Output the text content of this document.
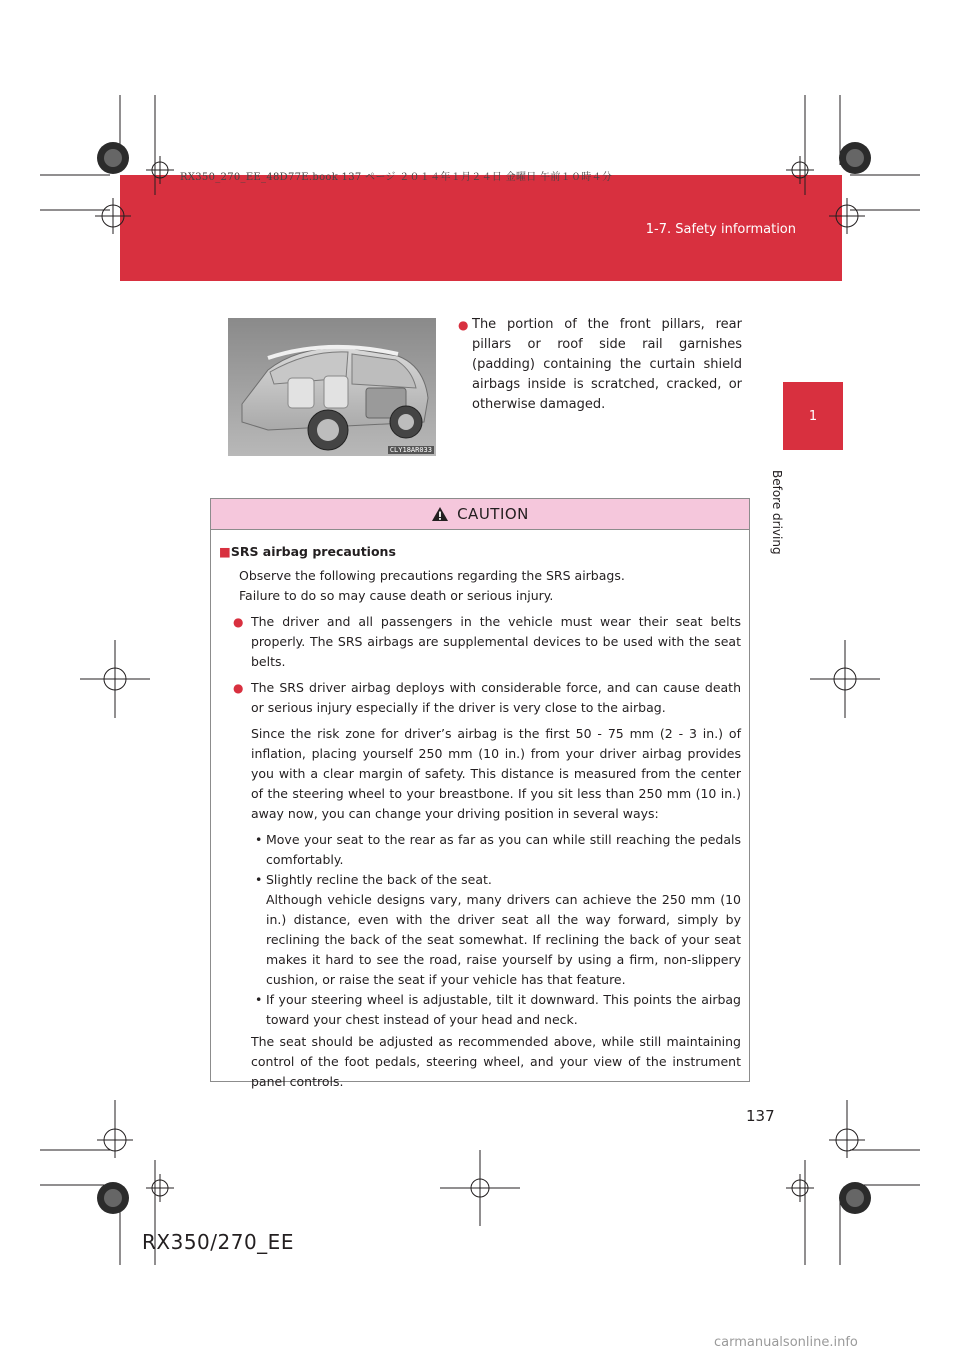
RX350_270_EE_48D77E.book 137 ページ ２０１４年１月２４日 金曜日 午前１０時４分
1-7. Safety information
1
Before driving
CLY18AR033
● The portion of the front pillars, rear pillars or roof side rail garnishes (padding) containing the curtain shield airbags inside is scratched, cracked, or otherwise damaged.
CAUTION
■SRS airbag precautions
Observe the following precautions regarding the SRS airbags.
Failure to do so may cause death or serious injury.
● The driver and all passengers in the vehicle must wear their seat belts properly. The SRS airbags are supplemental devices to be used with the seat belts.
● The SRS driver airbag deploys with considerable force, and can cause death or serious injury especially if the driver is very close to the airbag.
Since the risk zone for driver’s airbag is the first 50 - 75 mm (2 - 3 in.) of inflation, placing yourself 250 mm (10 in.) from your driver airbag provides you with a clear margin of safety. This distance is measured from the center of the steering wheel to your breastbone. If you sit less than 250 mm (10 in.) away now, you can change your driving position in several ways:
• Move your seat to the rear as far as you can while still reaching the pedals comfortably.
• Slightly recline the back of the seat.
Although vehicle designs vary, many drivers can achieve the 250 mm (10 in.) distance, even with the driver seat all the way forward, simply by reclining the back of the seat somewhat. If reclining the back of your seat makes it hard to see the road, raise yourself by using a firm, non-slippery cushion, or raise the seat if your vehicle has that feature.
• If your steering wheel is adjustable, tilt it downward. This points the airbag toward your chest instead of your head and neck.
The seat should be adjusted as recommended above, while still maintaining control of the foot pedals, steering wheel, and your view of the instrument panel controls.
137
RX350/270_EE
carmanualsonline.info
